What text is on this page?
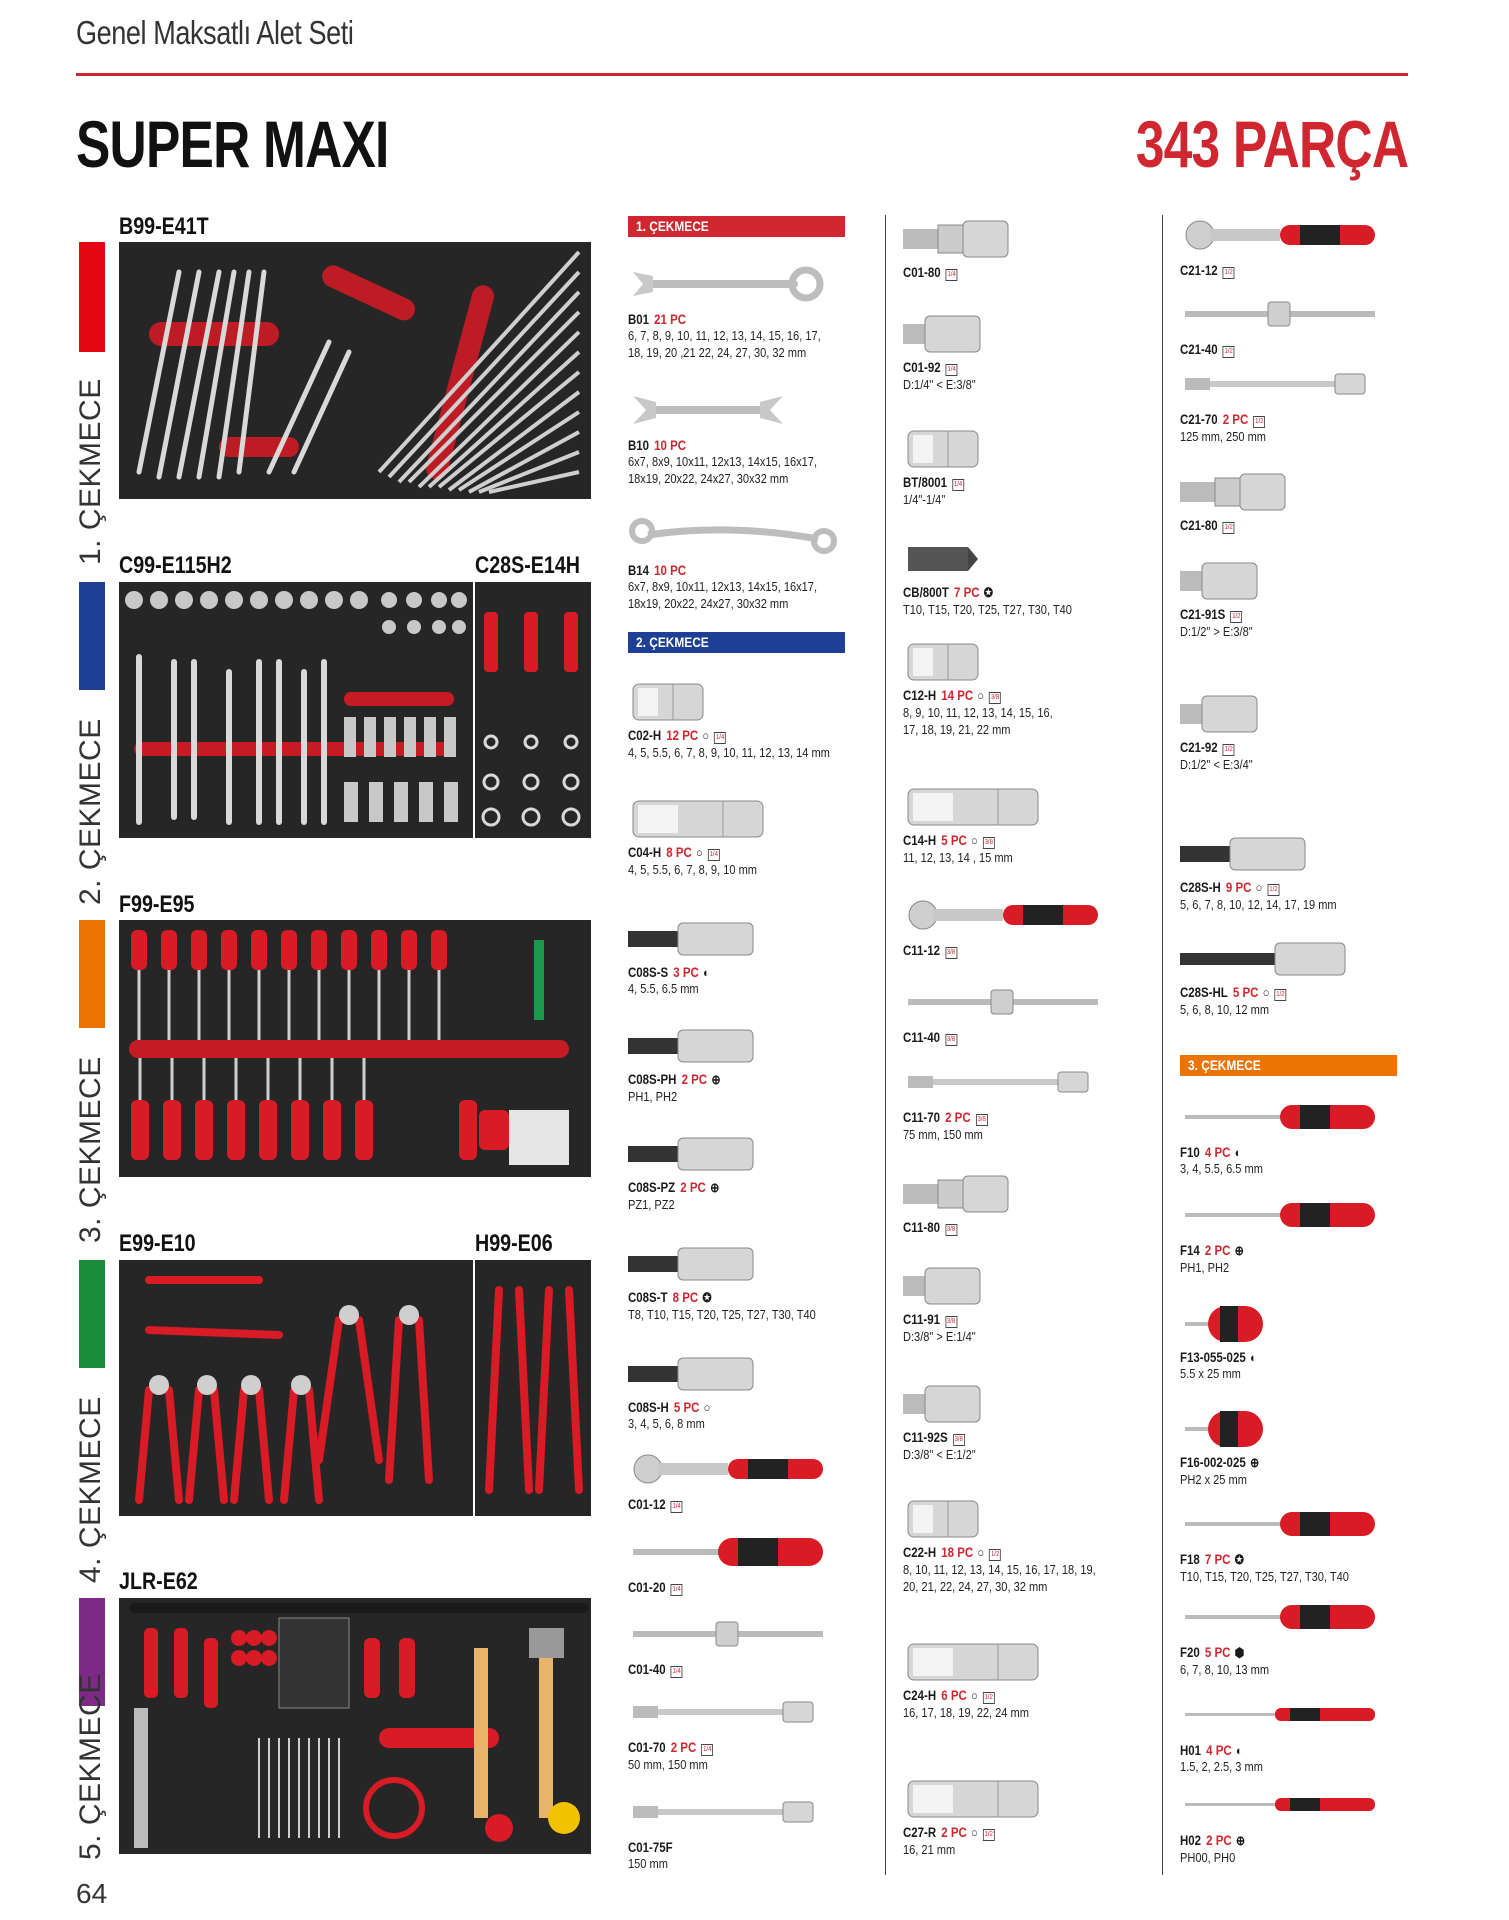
Genel Maksatlı Alet Seti
SUPER MAXI	343 PARÇA
B99-E41T
1. ÇEKMECE
C99-E115H2	C28S-E14H
2. ÇEKMECE F99-E95
3. ÇEKMECE
E99-E10	H99-E06
4. ÇEKMECE JLR-E62
5. ÇEKMECE
1. ÇEKMECE
2. ÇEKMECE
3. ÇEKMECE
B01 21 PC
6, 7, 8, 9, 10, 11, 12, 13, 14, 15, 16, 17,
18, 19, 20 ,21 22, 24, 27, 30, 32 mm
B10 10 PC
6x7, 8x9, 10x11, 12x13, 14x15, 16x17,
18x19, 20x22, 24x27, 30x32 mm
B14 10 PC
6x7, 8x9, 10x11, 12x13, 14x15, 16x17,
18x19, 20x22, 24x27, 30x32 mm
C02-H 12 PC ○ 1/4
4, 5, 5.5, 6, 7, 8, 9, 10, 11, 12, 13, 14 mm
C04-H 8 PC ○ 1/4
4, 5, 5.5, 6, 7, 8, 9, 10 mm
C08S-S 3 PC ◐
4, 5.5, 6.5 mm
C08S-PH 2 PC ⊕
PH1, PH2
C08S-PZ 2 PC ⊕
PZ1, PZ2
C08S-T 8 PC ✪
T8, T10, T15, T20, T25, T27, T30, T40
C08S-H 5 PC ○
3, 4, 5, 6, 8 mm
C01-12 1/4
C01-20 1/4
C01-40 1/4
C01-70 2 PC 1/4
50 mm, 150 mm
C01-75F
150 mm
C01-80 1/4
C01-92 1/4
D:1/4" < E:3/8"
BT/8001 1/4
1/4"-1/4"
CB/800T 7 PC ✪
T10, T15, T20, T25, T27, T30, T40
C12-H 14 PC ○ 3/8
8, 9, 10, 11, 12, 13, 14, 15, 16,
17, 18, 19, 21, 22 mm
C14-H 5 PC ○ 3/8
11, 12, 13, 14 , 15 mm
C11-12 3/8
C11-40 3/8
C11-70 2 PC 3/8
75 mm, 150 mm
C11-80 3/8
C11-91 3/8
D:3/8" > E:1/4"
C11-92S 3/8
D:3/8" < E:1/2"
C22-H 18 PC ○ 1/2
8, 10, 11, 12, 13, 14, 15, 16, 17, 18, 19,
20, 21, 22, 24, 27, 30, 32 mm
C24-H 6 PC ○ 1/2
16, 17, 18, 19, 22, 24 mm
C27-R 2 PC ○ 1/2
16, 21 mm
C21-12 1/2
C21-40 1/2
C21-70 2 PC 1/2
125 mm, 250 mm
C21-80 1/2
C21-91S 1/2
D:1/2" > E:3/8"
C21-92 1/2
D:1/2" < E:3/4"
C28S-H 9 PC ○ 1/2
5, 6, 7, 8, 10, 12, 14, 17, 19 mm
C28S-HL 5 PC ○ 1/2
5, 6, 8, 10, 12 mm
F10 4 PC ◐
3, 4, 5.5, 6.5 mm
F14 2 PC ⊕
PH1, PH2
F13-055-025 ◐
5.5 x 25 mm
F16-002-025 ⊕
PH2 x 25 mm
F18 7 PC ✪
T10, T15, T20, T25, T27, T30, T40
F20 5 PC ⬢
6, 7, 8, 10, 13 mm
H01 4 PC ◐
1.5, 2, 2.5, 3 mm
H02 2 PC ⊕
PH00, PH0
64
